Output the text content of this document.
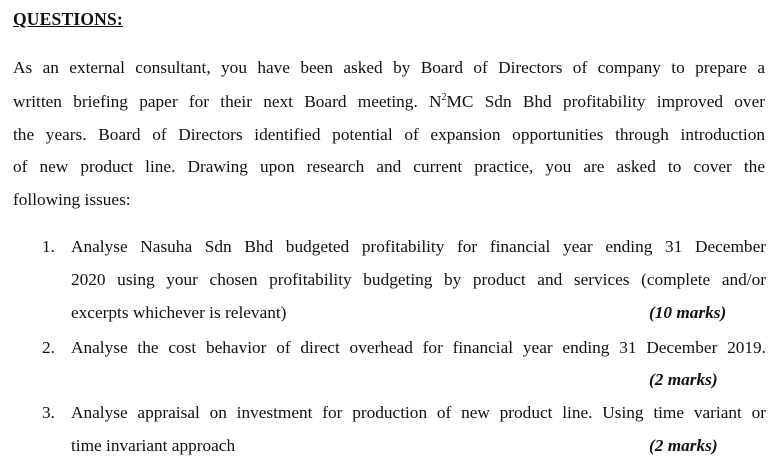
QUESTIONS:
As an external consultant, you have been asked by Board of Directors of company to prepare a
written briefing paper for their next Board meeting. $N^2MC$ Sdn Bhd profitability improved over
the years. Board of Directors identified potential of expansion opportunities through introduction
of new product line. Drawing upon research and current practice, you are asked to cover the
following issues:
1. Analyse Nasuha Sdn Bhd budgeted profitability for financial year ending 31 December
2020 using your chosen profitability budgeting by product and services (complete and/or
excerpts whichever is relevant)	(10 marks)
2. Analyse the cost behavior of direct overhead for financial year ending 31 December 2019.
(2 marks)
3. Analyse appraisal on investment for production of new product line. Using time variant or
time invariant approach	(2 marks)
